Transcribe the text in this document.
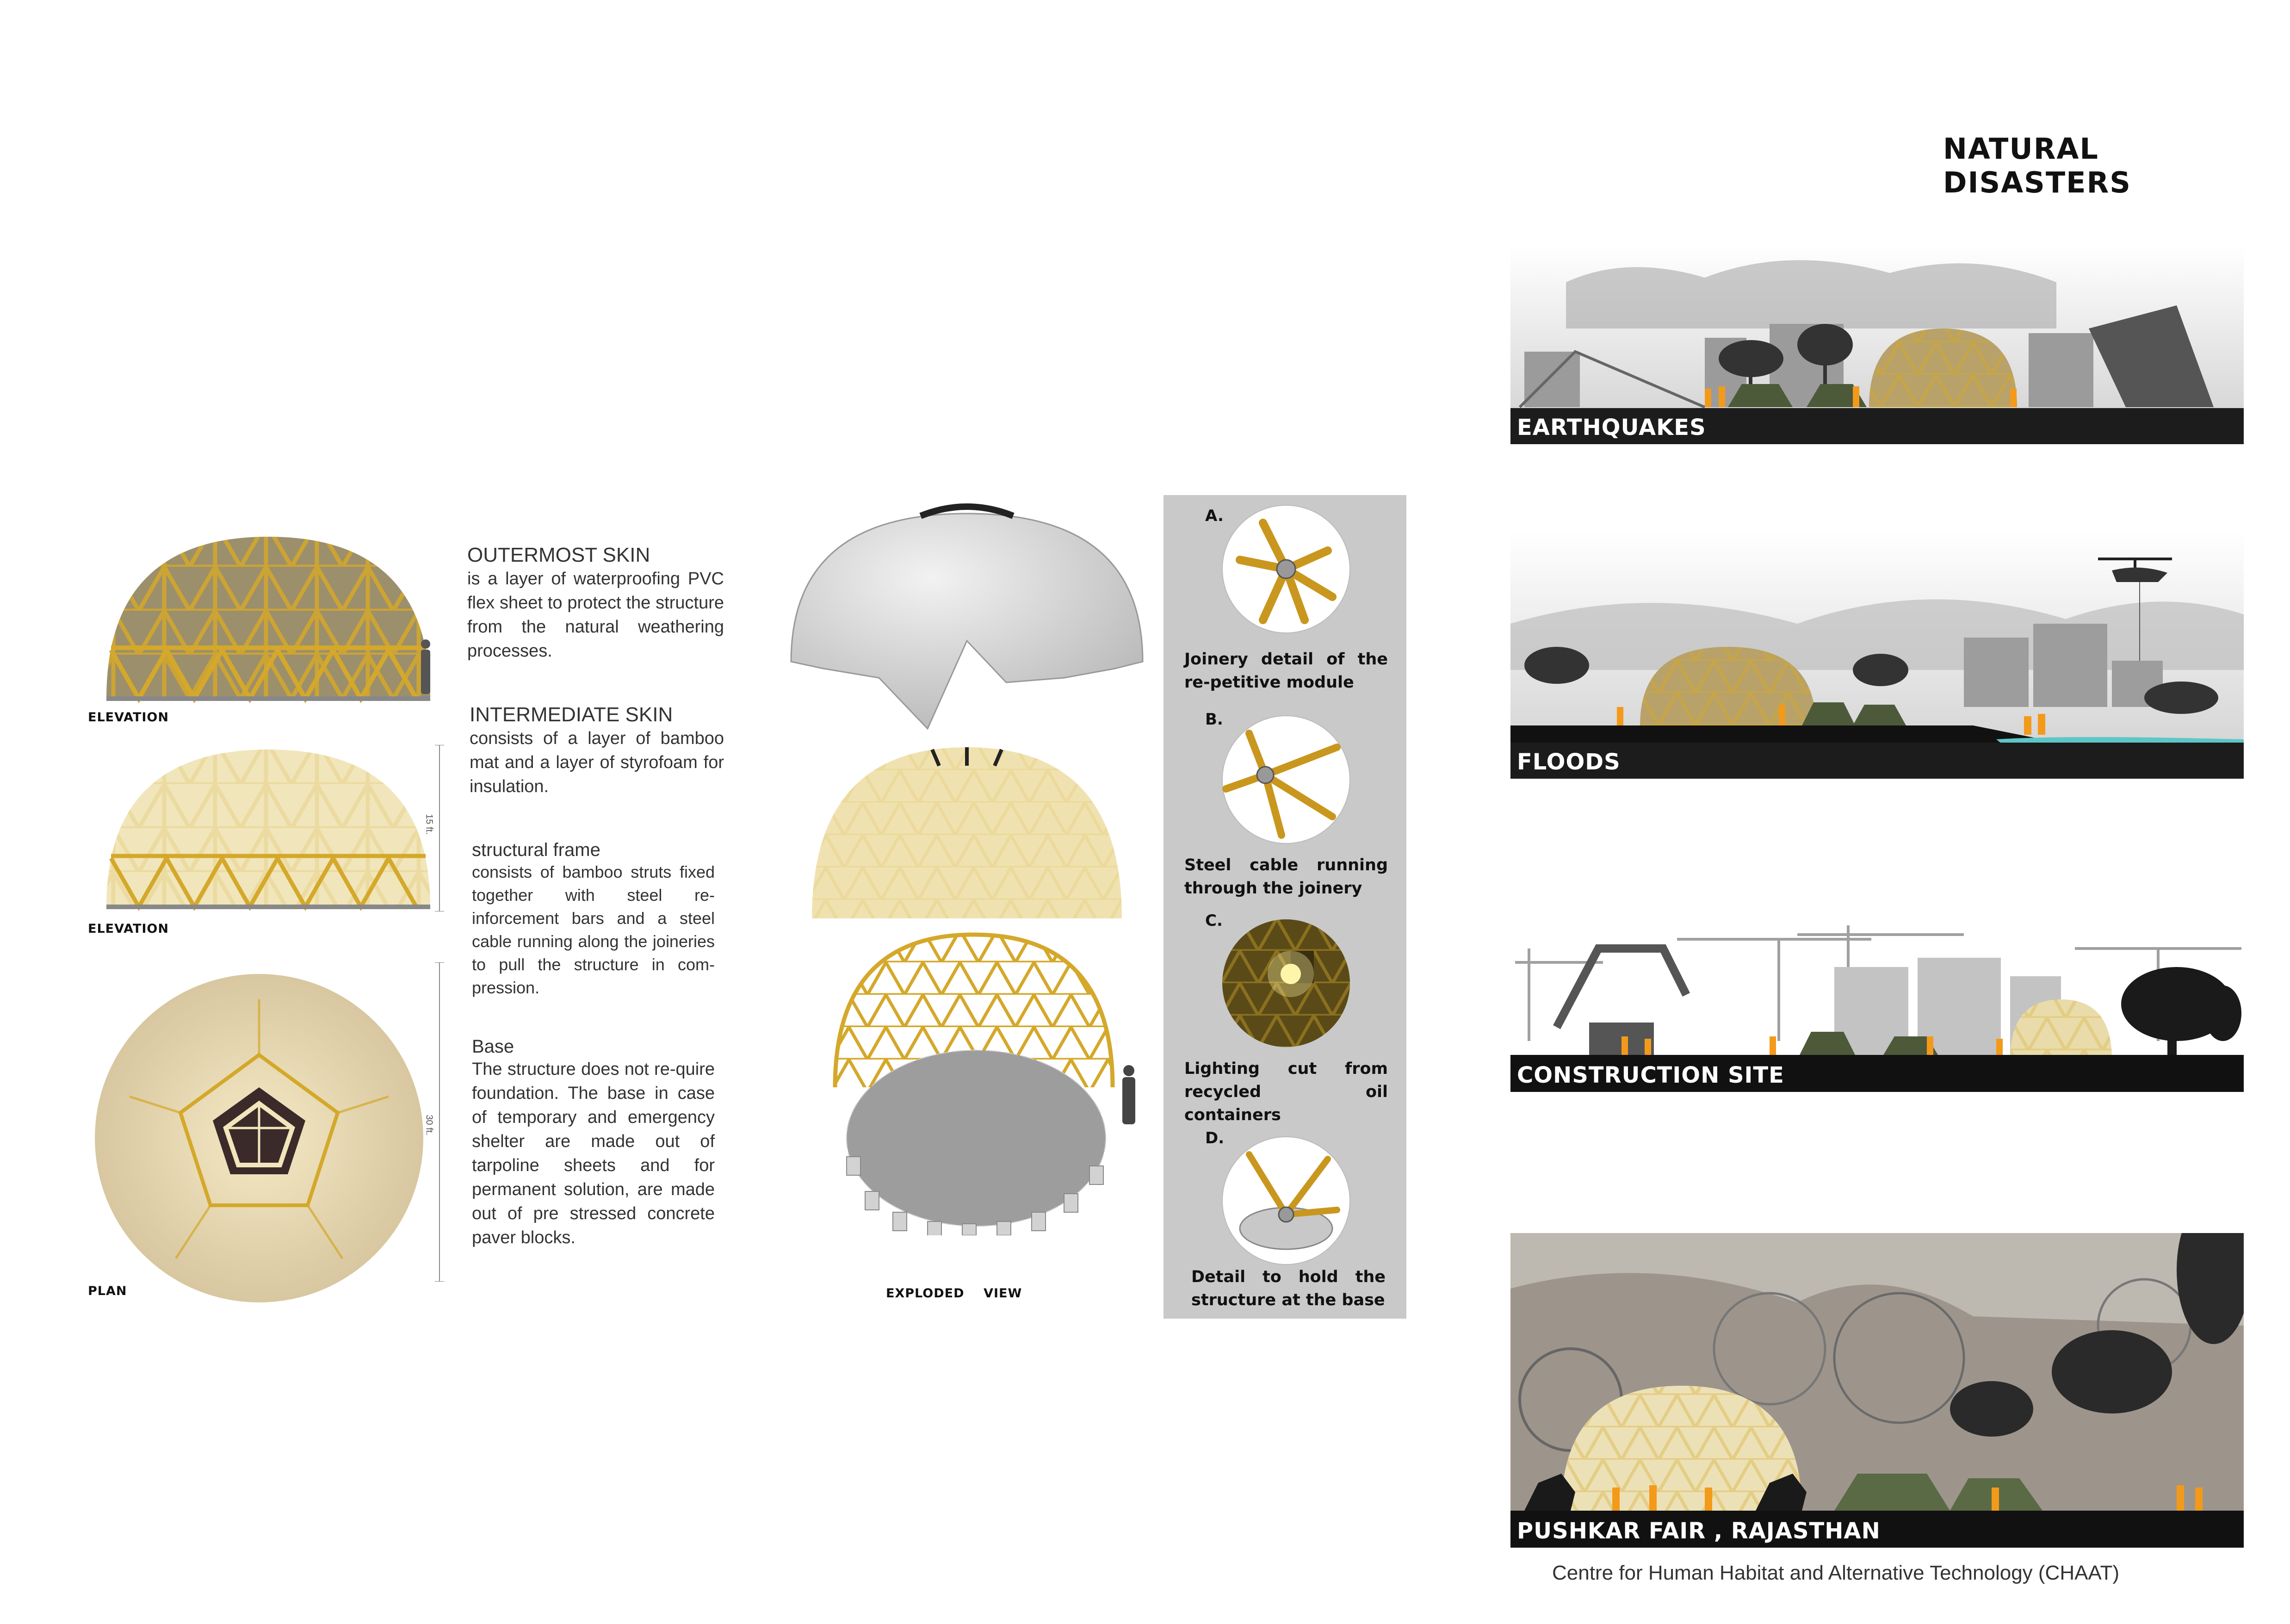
ELEVATION
15 ft.
ELEVATION
30 ft.
PLAN
OUTERMOST SKIN
is a layer of waterproofing PVC flex sheet to protect the structure from the natural weathering processes.
INTERMEDIATE SKIN
consists of a layer of bamboo mat and a layer of styrofoam for insulation.
structural frame
consists of bamboo struts fixed together with steel re-inforcement bars and a steel cable running along the joineries to pull the structure in com-pression.
Base
The structure does not re-quire foundation. The base in case of temporary and emergency shelter are made out of tarpoline sheets and for permanent solution, are made out of pre stressed concrete paver blocks.
EXPLODED    VIEW
A.
Joinery detail of the re-petitive module
B.
Steel cable running through the joinery
C.
Lighting cut from recycled oil containers
D.
Detail to hold the structure at the base
NATURAL DISASTERS
EARTHQUAKES
FLOODS
CONSTRUCTION SITE
PUSHKAR FAIR , RAJASTHAN
Centre for Human Habitat and Alternative Technology (CHAAT)
